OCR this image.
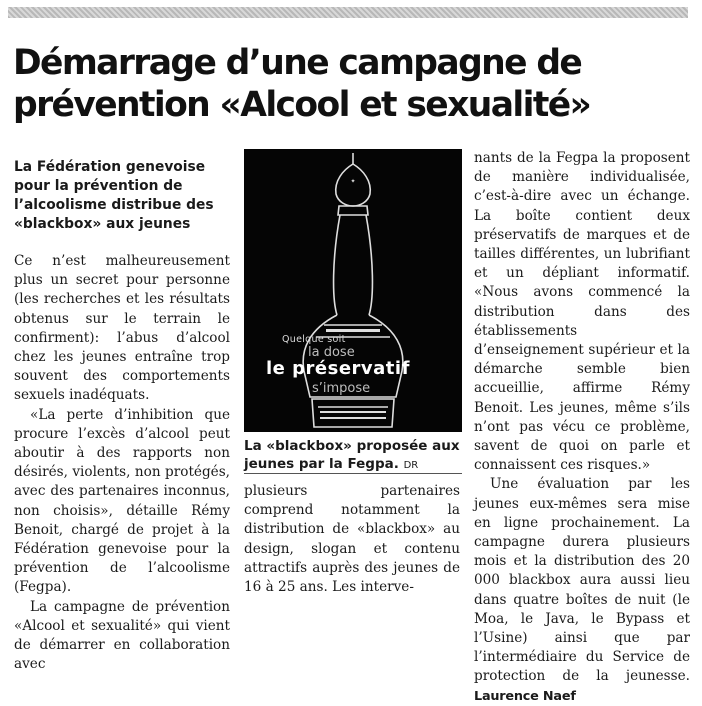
Démarrage d’une campagne de prévention «Alcool et sexualité»

La Fédération genevoise pour la prévention de l’alcoolisme distribue des «blackbox» aux jeunes

Ce n’est malheureusement plus un secret pour personne (les recherches et les résultats obtenus sur le terrain le confirment): l’abus d’alcool chez les jeunes entraîne trop souvent des comportements sexuels inadéquats.

«La perte d’inhibition que procure l’excès d’alcool peut aboutir à des rapports non désirés, violents, non protégés, avec des partenaires inconnus, non choisis», détaille Rémy Benoit, chargé de projet à la Fédération genevoise pour la prévention de l’alcoolisme (Fegpa).

La campagne de prévention «Alcool et sexualité» qui vient de démarrer en collaboration avec

✦
Quelque soit
la dose
le préservatif
s’impose
La «blackbox» proposée aux jeunes par la Fegpa. DR

plusieurs partenaires comprend notamment la distribution de «blackbox» au design, slogan et contenu attractifs auprès des jeunes de 16 à 25 ans. Les interve-

nants de la Fegpa la proposent de manière individualisée, c’est-à-dire avec un échange. La boîte contient deux préservatifs de marques et de tailles différentes, un lubrifiant et un dépliant informatif. «Nous avons commencé la distribution dans des établissements d’enseignement supérieur et la démarche semble bien accueillie, affirme Rémy Benoit. Les jeunes, même s’ils n’ont pas vécu ce problème, savent de quoi on parle et connaissent ces risques.»

Une évaluation par les jeunes eux-mêmes sera mise en ligne prochainement. La campagne durera plusieurs mois et la distribution des 20 000 blackbox aura aussi lieu dans quatre boîtes de nuit (le Moa, le Java, le Bypass et l’Usine) ainsi que par l’intermédiaire du Service de protection de la jeunesse. Laurence Naef
